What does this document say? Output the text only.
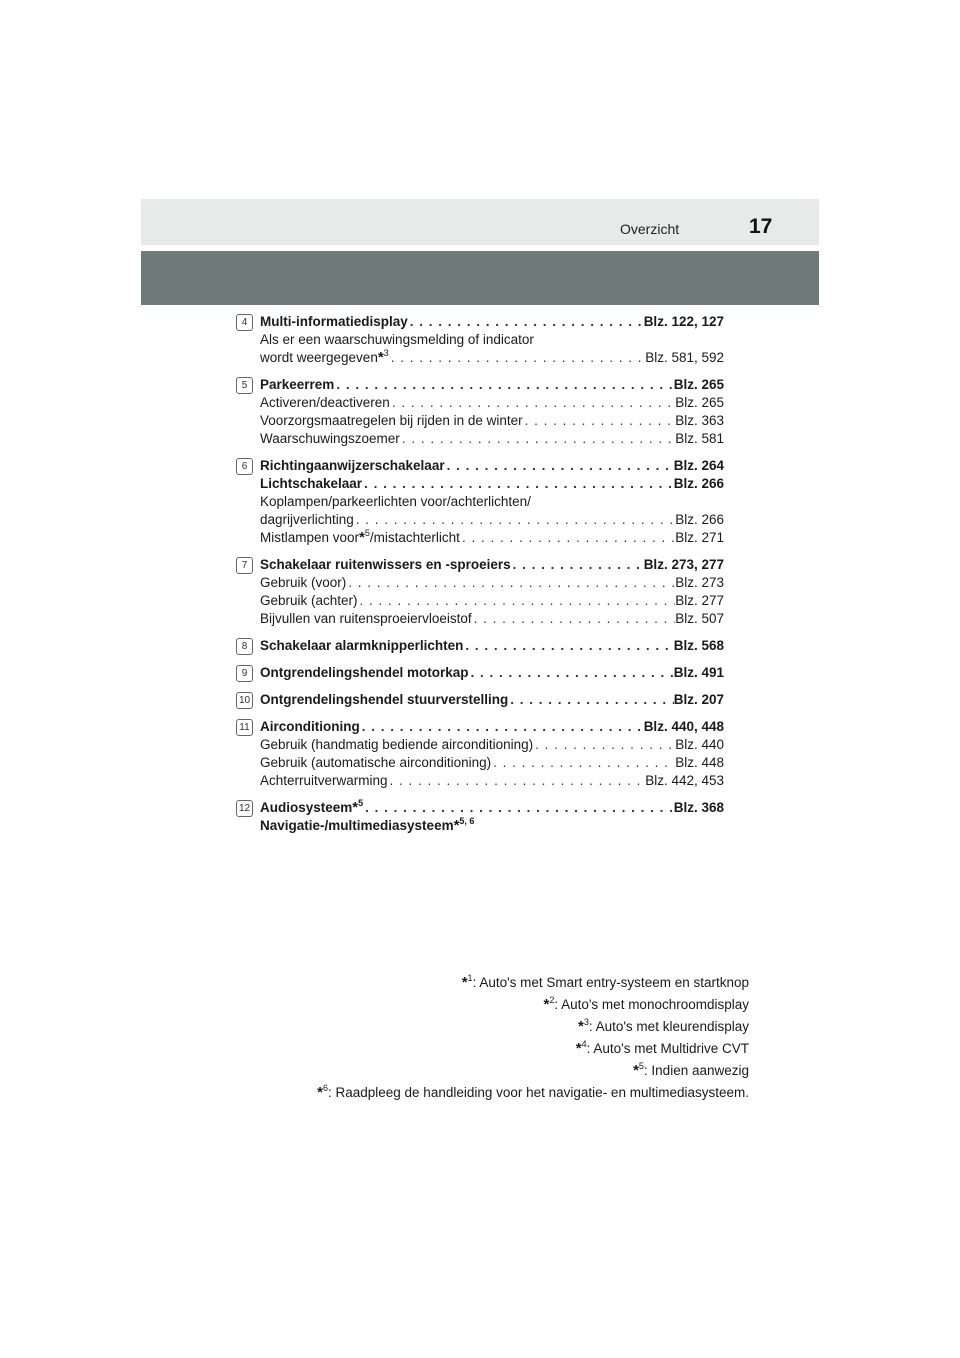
Overzicht	17
4 Multi-informatiedisplay . . .	Blz. 122, 127
Als er een waarschuwingsmelding of indicator
wordt weergegeven*$^3$ . . .	Blz. 581, 592
5 Parkeerrem . . .	Blz. 265
Activeren/deactiveren . . .	Blz. 265
Voorzorgsmaatregelen bij rijden in de winter . . .	Blz. 363
Waarschuwingszoemer . . .	Blz. 581
6 Richtingaanwijzerschakelaar . . .	Blz. 264
Lichtschakelaar . . .	Blz. 266
Koplampen/parkeerlichten voor/achterlichten/
dagrijverlichting . . .	Blz. 266
Mistlampen voor*$^5$/mistachterlicht . . .	Blz. 271
7 Schakelaar ruitenwissers en -sproeiers . . .	Blz. 273, 277
Gebruik (voor) . . .	Blz. 273
Gebruik (achter) . . .	Blz. 277
Bijvullen van ruitensproeiervloeistof . . .	Blz. 507
8 Schakelaar alarmknipperlichten . . .	Blz. 568
9 Ontgrendelingshendel motorkap . . .	Blz. 491
10 Ontgrendelingshendel stuurverstelling . . .	Blz. 207
11 Airconditioning . . .	Blz. 440, 448
Gebruik (handmatig bediende airconditioning) . . .	Blz. 440
Gebruik (automatische airconditioning) . . .	Blz. 448
Achterruitverwarming . . .	Blz. 442, 453
12 Audiosysteem*$^5$ . . .	Blz. 368
Navigatie-/multimediasysteem*$^{5, 6}$
*$^1$: Auto's met Smart entry-systeem en startknop
*$^2$: Auto's met monochroomdisplay
*$^3$: Auto's met kleurendisplay
*$^4$: Auto's met Multidrive CVT
*$^5$: Indien aanwezig
*$^6$: Raadpleeg de handleiding voor het navigatie- en multimediasysteem.
